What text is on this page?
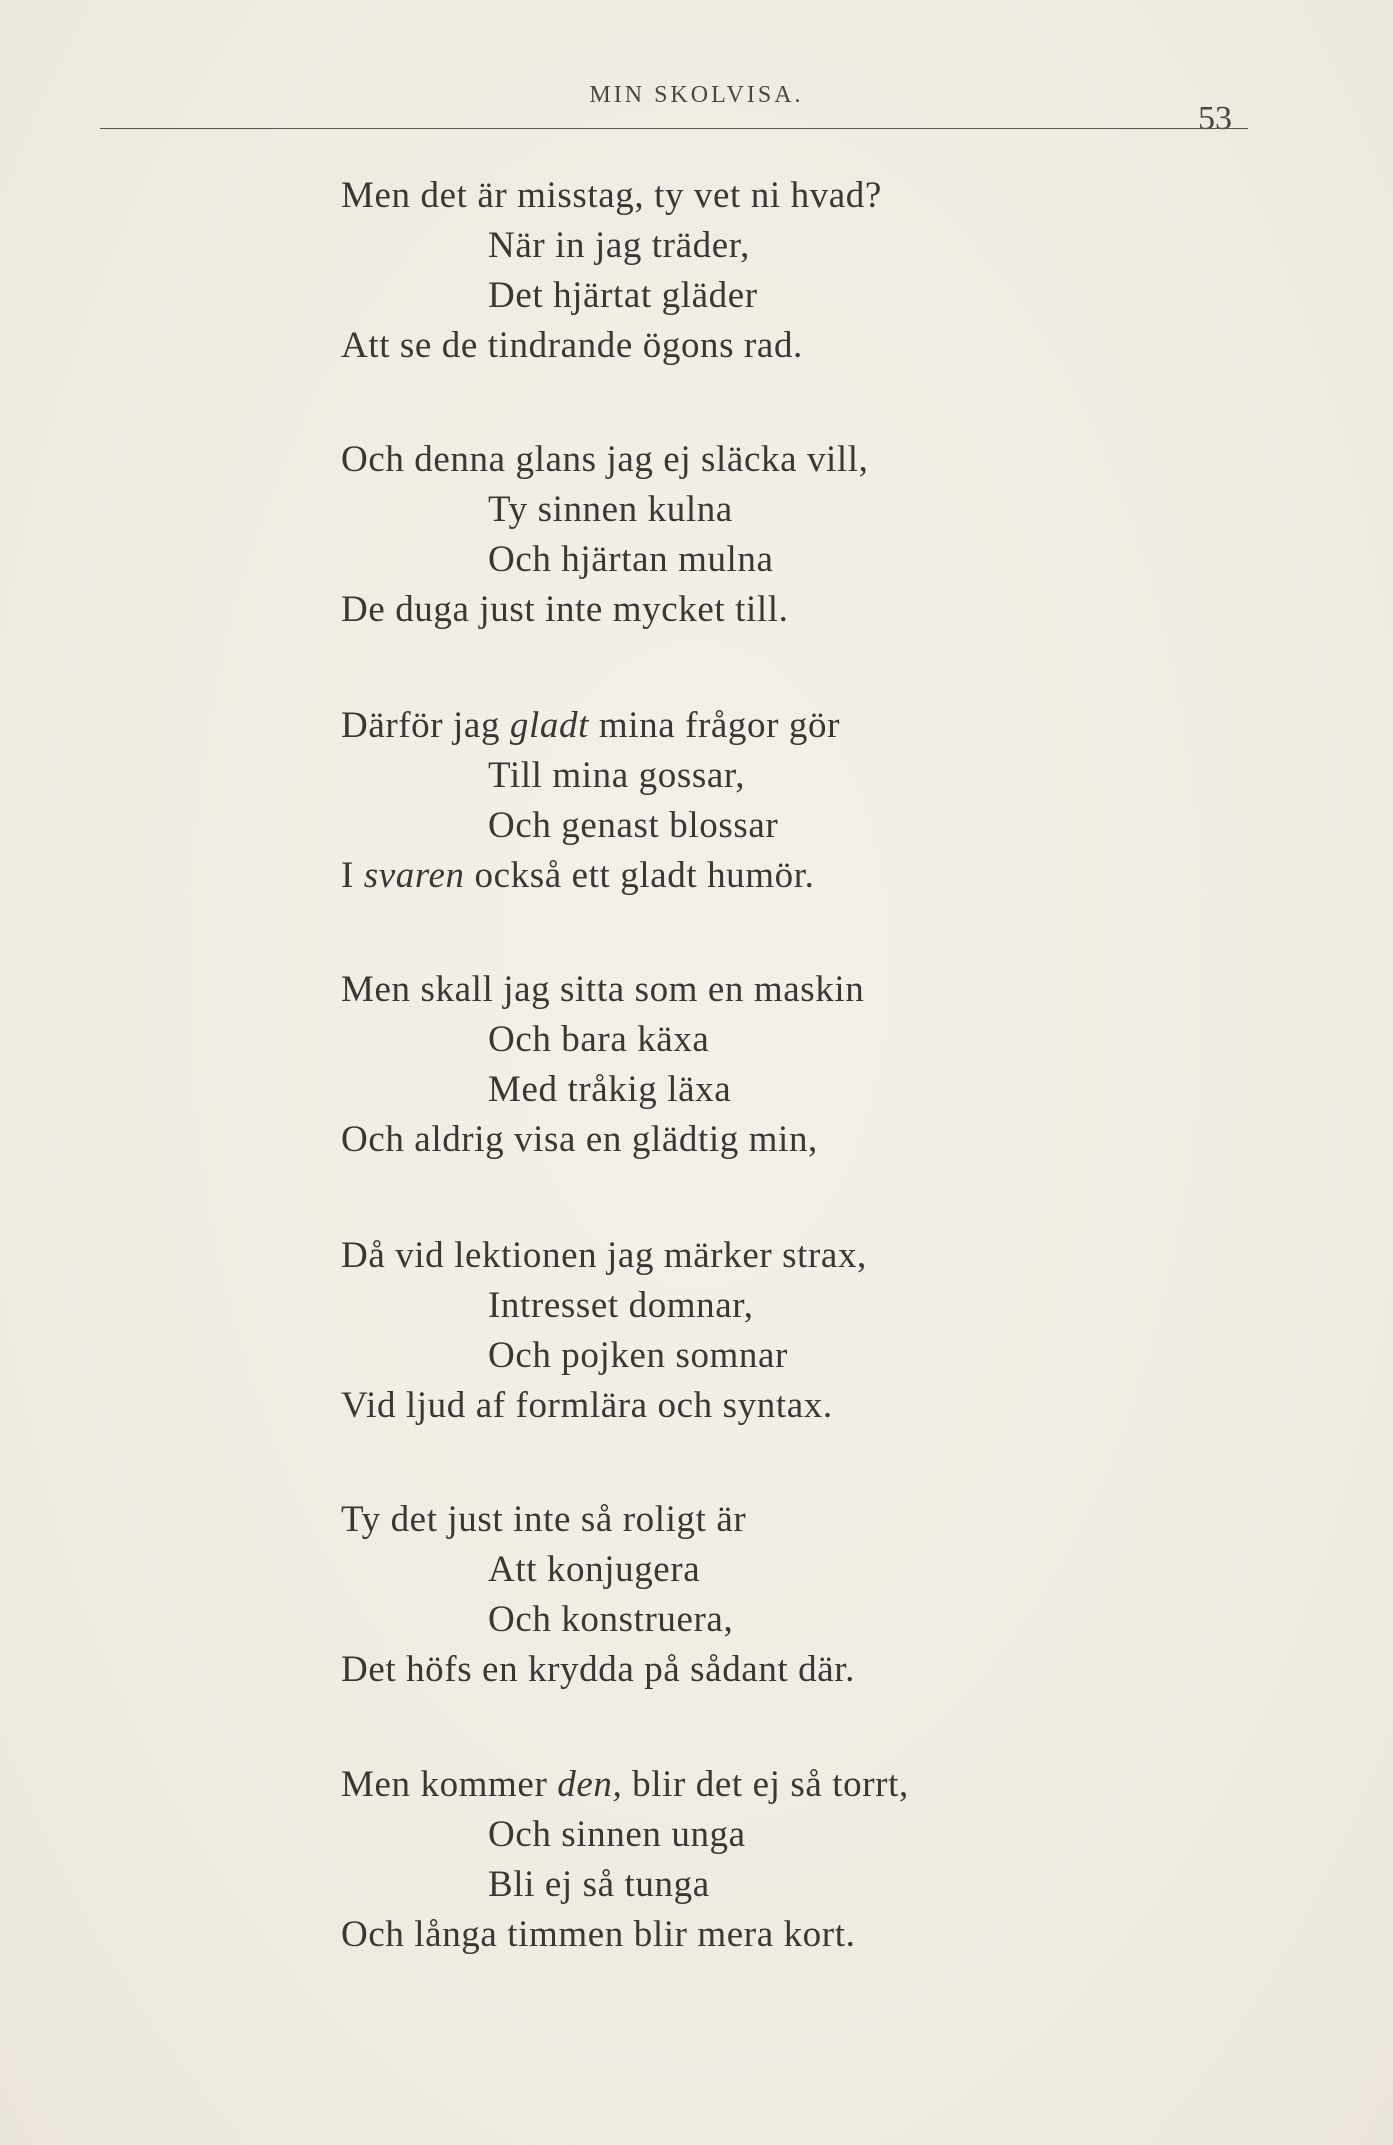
MIN SKOLVISA.
53
Men det är misstag, ty vet ni hvad?
När in jag träder,
Det hjärtat gläder
Att se de tindrande ögons rad.
Och denna glans jag ej släcka vill,
Ty sinnen kulna
Och hjärtan mulna
De duga just inte mycket till.
Därför jag gladt mina frågor gör
Till mina gossar,
Och genast blossar
I svaren också ett gladt humör.
Men skall jag sitta som en maskin
Och bara käxa
Med tråkig läxa
Och aldrig visa en glädtig min,
Då vid lektionen jag märker strax,
Intresset domnar,
Och pojken somnar
Vid ljud af formlära och syntax.
Ty det just inte så roligt är
Att konjugera
Och konstruera,
Det höfs en krydda på sådant där.
Men kommer den, blir det ej så torrt,
Och sinnen unga
Bli ej så tunga
Och långa timmen blir mera kort.
